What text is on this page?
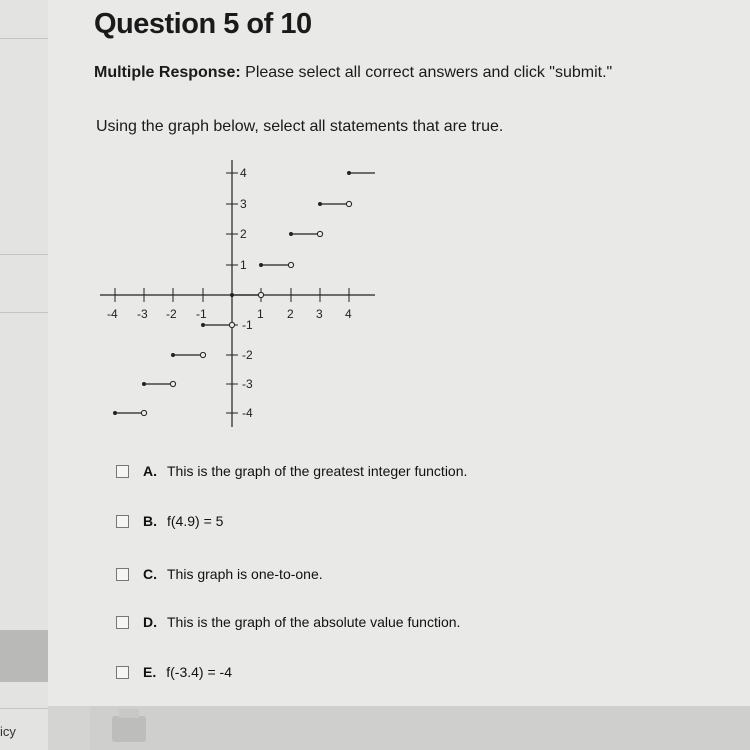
icy
Question 5 of 10
Multiple Response: Please select all correct answers and click "submit."
Using the graph below, select all statements that are true.
-4 -3 -2 -1	1 2 3 4
4
3
2
1
-1
-2
-3
-4
A. This is the graph of the greatest integer function.
B. f(4.9) = 5
C. This graph is one-to-one.
D. This is the graph of the absolute value function.
E. f(-3.4) = -4
